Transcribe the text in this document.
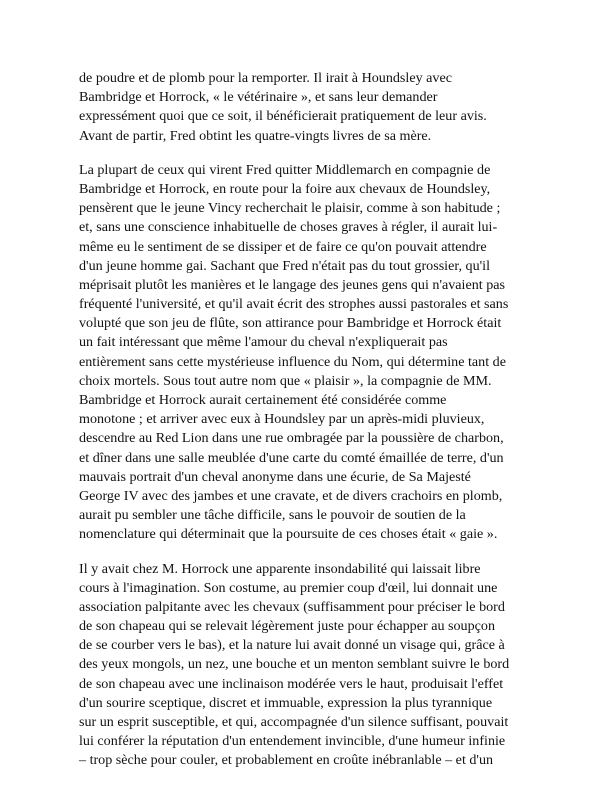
de poudre et de plomb pour la remporter. Il irait à Houndsley avec
Bambridge et Horrock, « le vétérinaire », et sans leur demander
expressément quoi que ce soit, il bénéficierait pratiquement de leur avis.
Avant de partir, Fred obtint les quatre-vingts livres de sa mère.

La plupart de ceux qui virent Fred quitter Middlemarch en compagnie de
Bambridge et Horrock, en route pour la foire aux chevaux de Houndsley,
pensèrent que le jeune Vincy recherchait le plaisir, comme à son habitude ;
et, sans une conscience inhabituelle de choses graves à régler, il aurait lui-
même eu le sentiment de se dissiper et de faire ce qu'on pouvait attendre
d'un jeune homme gai. Sachant que Fred n'était pas du tout grossier, qu'il
méprisait plutôt les manières et le langage des jeunes gens qui n'avaient pas
fréquenté l'université, et qu'il avait écrit des strophes aussi pastorales et sans
volupté que son jeu de flûte, son attirance pour Bambridge et Horrock était
un fait intéressant que même l'amour du cheval n'expliquerait pas
entièrement sans cette mystérieuse influence du Nom, qui détermine tant de
choix mortels. Sous tout autre nom que « plaisir », la compagnie de MM.
Bambridge et Horrock aurait certainement été considérée comme
monotone ; et arriver avec eux à Houndsley par un après-midi pluvieux,
descendre au Red Lion dans une rue ombragée par la poussière de charbon,
et dîner dans une salle meublée d'une carte du comté émaillée de terre, d'un
mauvais portrait d'un cheval anonyme dans une écurie, de Sa Majesté
George IV avec des jambes et une cravate, et de divers crachoirs en plomb,
aurait pu sembler une tâche difficile, sans le pouvoir de soutien de la
nomenclature qui déterminait que la poursuite de ces choses était « gaie ».

Il y avait chez M. Horrock une apparente insondabilité qui laissait libre
cours à l'imagination. Son costume, au premier coup d'œil, lui donnait une
association palpitante avec les chevaux (suffisamment pour préciser le bord
de son chapeau qui se relevait légèrement juste pour échapper au soupçon
de se courber vers le bas), et la nature lui avait donné un visage qui, grâce à
des yeux mongols, un nez, une bouche et un menton semblant suivre le bord
de son chapeau avec une inclinaison modérée vers le haut, produisait l'effet
d'un sourire sceptique, discret et immuable, expression la plus tyrannique
sur un esprit susceptible, et qui, accompagnée d'un silence suffisant, pouvait
lui conférer la réputation d'un entendement invincible, d'une humeur infinie
– trop sèche pour couler, et probablement en croûte inébranlable – et d'un
